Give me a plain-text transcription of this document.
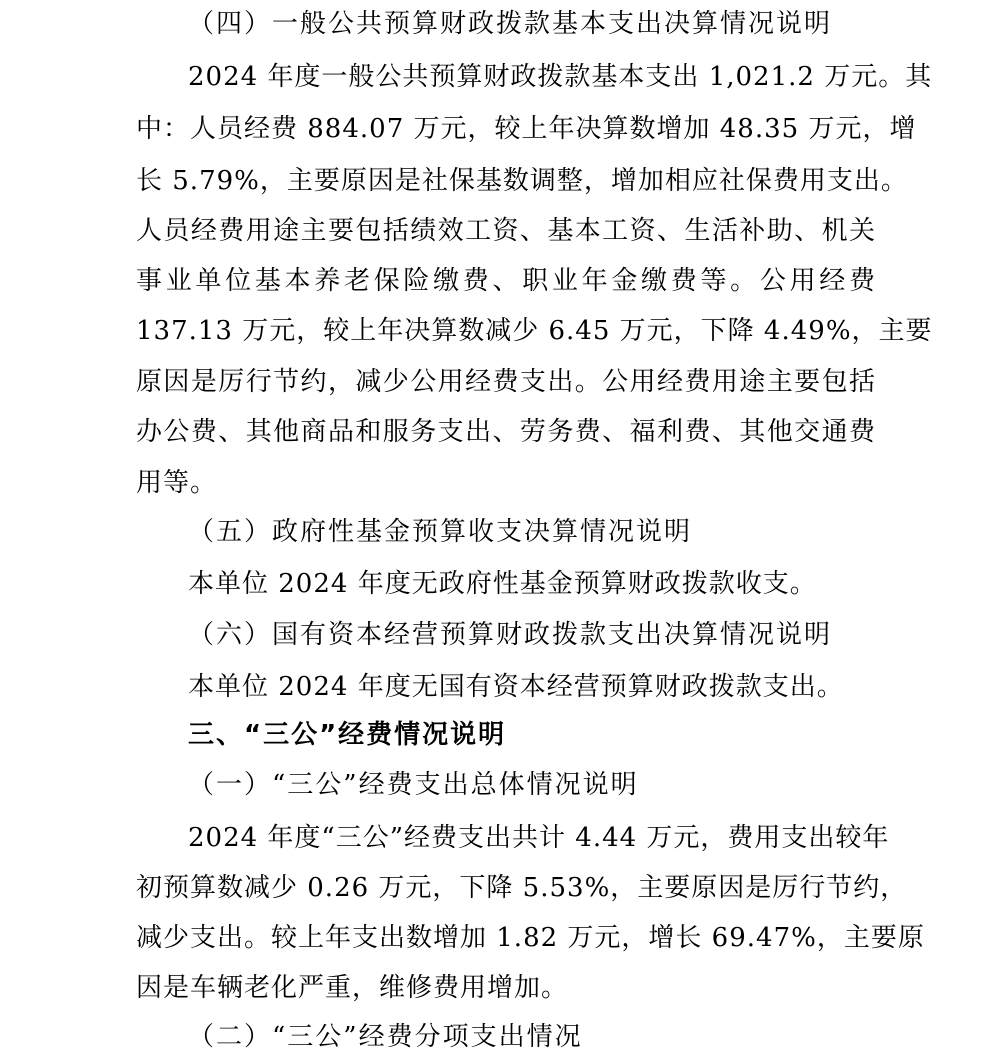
（四）一般公共预算财政拨款基本支出决算情况说明
2024 年度一般公共预算财政拨款基本支出 1,021.2 万元。其
中：人员经费 884.07 万元，较上年决算数增加 48.35 万元，增
长 5.79%，主要原因是社保基数调整，增加相应社保费用支出。
人员经费用途主要包括绩效工资、基本工资、生活补助、机关
事业单位基本养老保险缴费、职业年金缴费等。公用经费
137.13 万元，较上年决算数减少 6.45 万元，下降 4.49%，主要
原因是厉行节约，减少公用经费支出。公用经费用途主要包括
办公费、其他商品和服务支出、劳务费、福利费、其他交通费
用等。
（五）政府性基金预算收支决算情况说明
本单位 2024 年度无政府性基金预算财政拨款收支。
（六）国有资本经营预算财政拨款支出决算情况说明
本单位 2024 年度无国有资本经营预算财政拨款支出。
三、“三公”经费情况说明
（一）“三公”经费支出总体情况说明
2024 年度“三公”经费支出共计 4.44 万元，费用支出较年
初预算数减少 0.26 万元，下降 5.53%，主要原因是厉行节约，
减少支出。较上年支出数增加 1.82 万元，增长 69.47%，主要原
因是车辆老化严重，维修费用增加。
（二）“三公”经费分项支出情况
